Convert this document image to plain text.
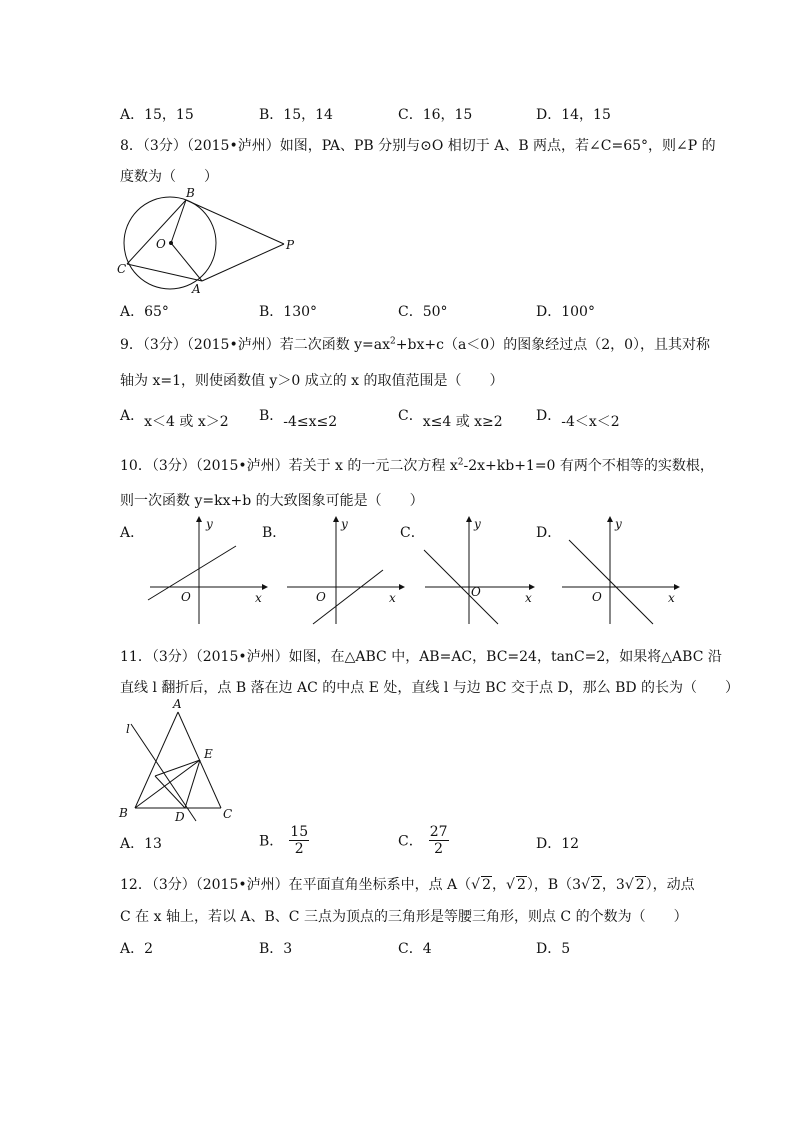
A．15，15	B．15，14	C．16，15	D．14，15
8．（3分）（2015•泸州）如图，PA、PB 分别与⊙O 相切于 A、B 两点，若∠C=65°，则∠P 的
度数为（　　）
B
O	P
C
A
A．65°	B．130°	C．50°	D．100°
9．（3分）（2015•泸州）若二次函数 $y=ax^2+bx+c(a<0)$的图象经过点（2，0），且其对称
轴为 x=1，则使函数值 y＞0 成立的 x 的取值范围是（　　）
A．x＜4 或 x＞2 B．-4≤x≤2	C．x≤4 或 x≥2 D．-4＜x＜2
10．（3分）（2015•泸州）若关于 x 的一元二次方程 $x^2-2x+kb+1=0$ 有两个不相等的实数根，
则一次函数 y=kx+b 的大致图象可能是（　　）
A．	B．	C．	D．
y
x
O
y
x
O
y
x
O
y
x
O
11．（3分）（2015•泸州）如图，在△ABC 中，AB=AC，BC=24，tanC=2，如果将△ABC 沿
直线 l 翻折后，点 B 落在边 AC 的中点 E 处，直线 l 与边 BC 交于点 D，那么 BD 的长为（　　）
A
l
E
B	D	C
A．13	B． $\frac{15}{2}$	C． $\frac{27}{2}$	D．12
12．（3分）（2015•泸州）在平面直角坐标系中，点 A（√ 2，√ 2），B（3√ 2，3√ 2），动点
C 在 x 轴上，若以 A、B、C 三点为顶点的三角形是等腰三角形，则点 C 的个数为（　　）
A．2	B．3	C．4	D．5
